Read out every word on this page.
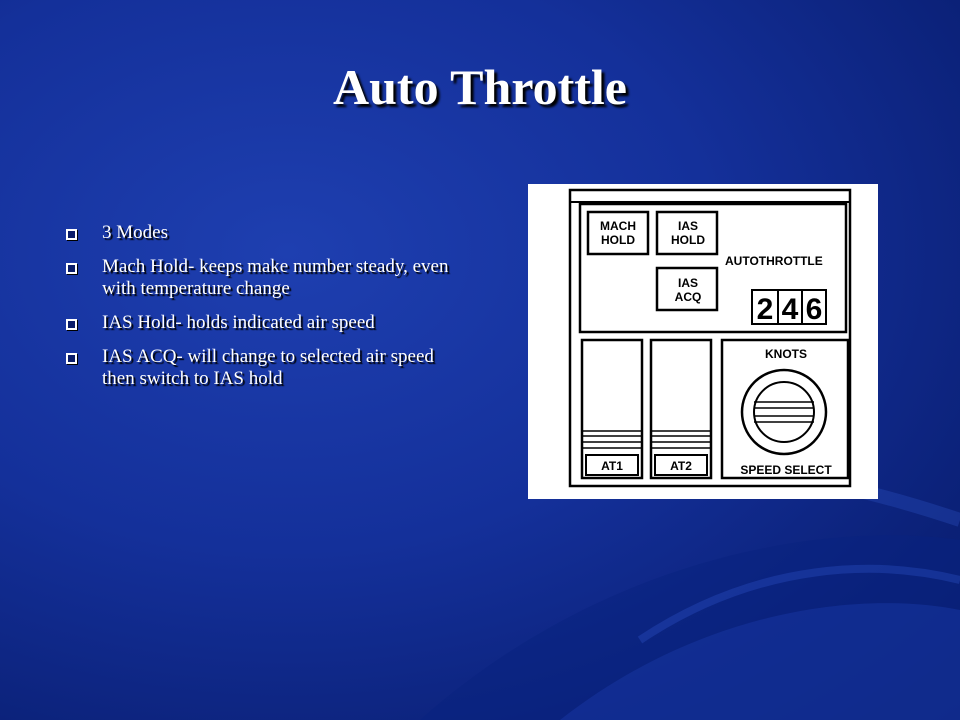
Auto Throttle
3 Modes
Mach Hold- keeps make number steady, even with temperature change
IAS Hold- holds indicated air speed
IAS ACQ- will change to selected air speed then switch to IAS hold
MACH
HOLD
IAS
HOLD
IAS
ACQ
AUTOTHROTTLE
2 4 6
AT1	AT2
KNOTS
SPEED SELECT
